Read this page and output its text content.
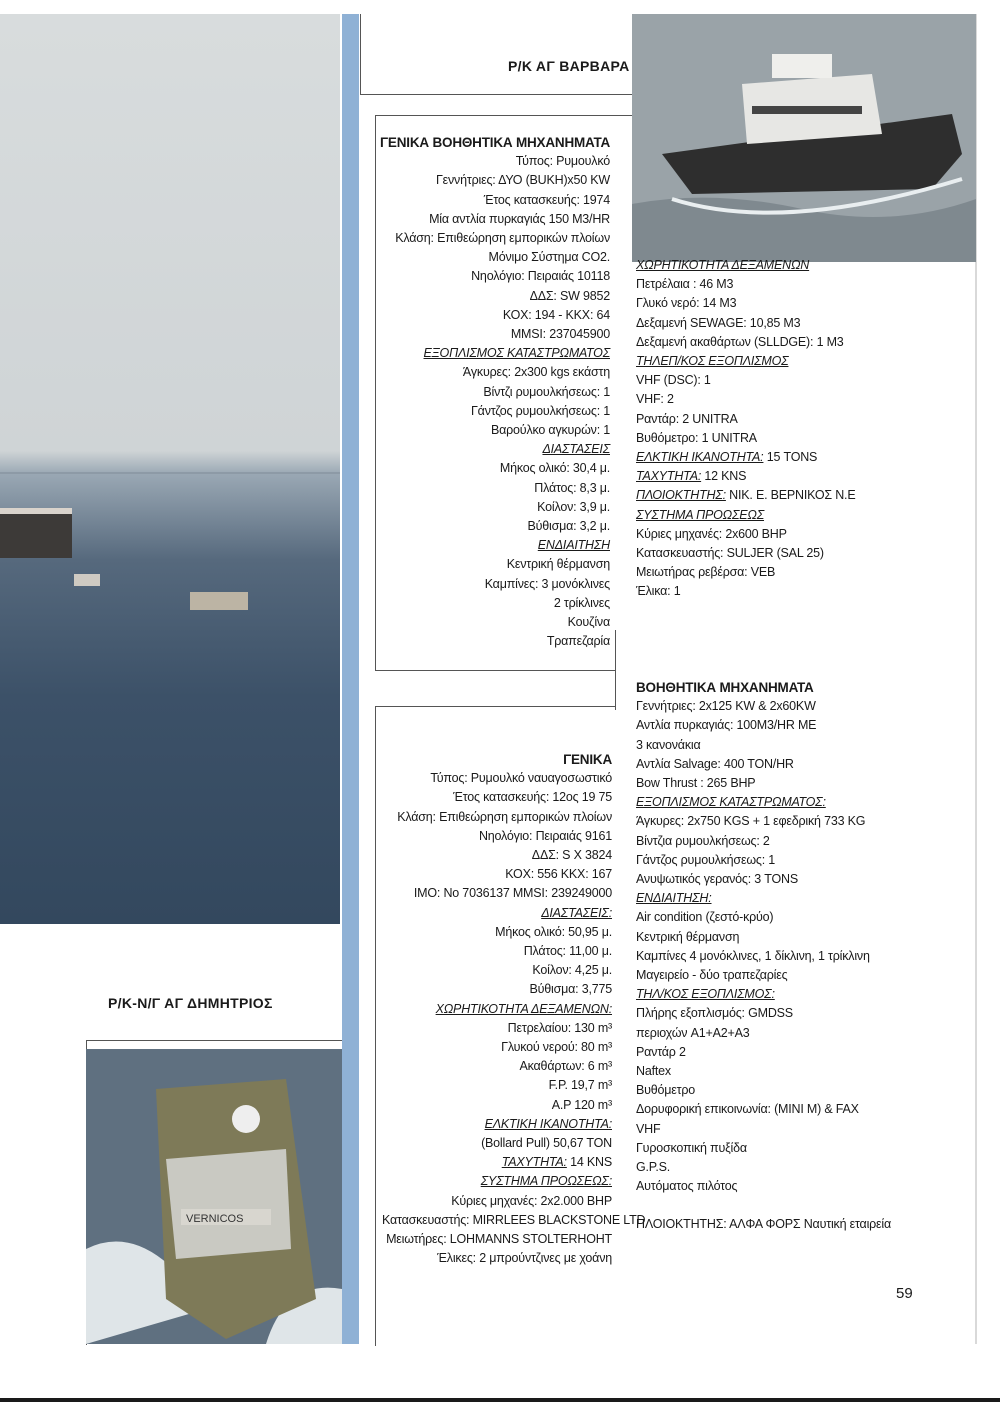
VERNICOS
Ρ/Κ ΑΓ ΒΑΡΒΑΡΑ
Ρ/Κ-Ν/Γ ΑΓ ΔΗΜΗΤΡΙΟΣ
59
ΓΕΝΙΚΑ ΒΟΗΘΗΤΙΚΑ ΜΗΧΑΝΗΜΑΤΑ
Τύπος: Ρυμουλκό
Γεννήτριες: ΔΥΟ (BUKH)x50 KW
Έτος κατασκευής: 1974
Μία αντλία πυρκαγιάς 150 M3/HR
Κλάση: Επιθεώρηση εμπορικών πλοίων
Μόνιμο Σύστημα CO2.
Νηολόγιο: Πειραιάς 10118
ΔΔΣ: SW 9852
ΚΟΧ: 194 - ΚΚΧ: 64
MMSI: 237045900
ΕΞΟΠΛΙΣΜΟΣ ΚΑΤΑΣΤΡΩΜΑΤΟΣ
Άγκυρες: 2x300 kgs εκάστη
Βίντζι ρυμουλκήσεως: 1
Γάντζος ρυμουλκήσεως: 1
Βαρούλκο αγκυρών: 1
ΔΙΑΣΤΑΣΕΙΣ
Μήκος ολικό: 30,4 μ.
Πλάτος: 8,3 μ.
Κοίλον: 3,9 μ.
Βύθισμα: 3,2 μ.
ΕΝΔΙΑΙΤΗΣΗ
Κεντρική θέρμανση
Καμπίνες: 3 μονόκλινες
2 τρίκλινες
Κουζίνα
Τραπεζαρία
ΧΩΡΗΤΙΚΟΤΗΤΑ ΔΕΞΑΜΕΝΩΝ
Πετρέλαια : 46 M3
Γλυκό νερό: 14 M3
Δεξαμενή SEWAGE: 10,85 M3
Δεξαμενή ακαθάρτων (SLLDGE): 1 M3
ΤΗΛΕΠ/ΚΟΣ ΕΞΟΠΛΙΣΜΟΣ
VHF (DSC): 1
VHF: 2
Ραντάρ: 2 UNITRA
Βυθόμετρο: 1 UNITRA
ΕΛΚΤΙΚΗ ΙΚΑΝΟΤΗΤΑ: 15 TONS
ΤΑΧΥΤΗΤΑ: 12 KNS
ΠΛΟΙΟΚΤΗΤΗΣ: ΝΙΚ. Ε. ΒΕΡΝΙΚΟΣ Ν.Ε
ΣΥΣΤΗΜΑ ΠΡΟΩΣΕΩΣ
Κύριες μηχανές: 2x600 BHP
Κατασκευαστής: SULJER (SAL 25)
Μειωτήρας ρεβέρσα: VEB
Έλικα: 1
ΓΕΝΙΚΑ
Τύπος: Ρυμουλκό ναυαγοσωστικό
Έτος κατασκευής: 12ος 19 75
Κλάση: Επιθεώρηση εμπορικών πλοίων
Νηολόγιο: Πειραιάς 9161
ΔΔΣ: S X 3824
ΚΟΧ: 556 ΚΚΧ: 167
IMO: No 7036137 MMSI: 239249000
ΔΙΑΣΤΑΣΕΙΣ:
Μήκος ολικό: 50,95 μ.
Πλάτος: 11,00 μ.
Κοίλον: 4,25 μ.
Βύθισμα: 3,775
ΧΩΡΗΤΙΚΟΤΗΤΑ ΔΕΞΑΜΕΝΩΝ:
Πετρελαίου: 130 m³
Γλυκού νερού: 80 m³
Ακαθάρτων: 6 m³
F.P. 19,7 m³
A.P 120 m³
ΕΛΚΤΙΚΗ ΙΚΑΝΟΤΗΤΑ:
(Bollard Pull) 50,67 TON
ΤΑΧΥΤΗΤΑ: 14 KNS
ΣΥΣΤΗΜΑ ΠΡΟΩΣΕΩΣ:
Κύριες μηχανές: 2x2.000 BHP
Κατασκευαστής: MIRRLEES BLACKSTONE LTD
Μειωτήρες: LOHMANNS STOLTERHOHT
Έλικες: 2 μπρούντζινες με χοάνη
ΒΟΗΘΗΤΙΚΑ ΜΗΧΑΝΗΜΑΤΑ
Γεννήτριες: 2x125 KW & 2x60KW
Αντλία πυρκαγιάς: 100M3/HR ΜΕ
3 κανονάκια
Αντλία Salvage: 400 TON/HR
Bow Thrust : 265 BHP
ΕΞΟΠΛΙΣΜΟΣ ΚΑΤΑΣΤΡΩΜΑΤΟΣ:
Άγκυρες: 2x750 KGS + 1 εφεδρική 733 KG
Βίντζια ρυμουλκήσεως: 2
Γάντζος ρυμουλκήσεως: 1
Ανυψωτικός γερανός: 3 TONS
ΕΝΔΙΑΙΤΗΣΗ:
Air condition (ζεστό-κρύο)
Κεντρική θέρμανση
Καμπίνες 4 μονόκλινες, 1 δίκλινη, 1 τρίκλινη
Μαγειρείο - δύο τραπεζαρίες
ΤΗΛ/ΚΟΣ ΕΞΟΠΛΙΣΜΟΣ:
Πλήρης εξοπλισμός: GMDSS
περιοχών A1+A2+A3
Ραντάρ 2
Naftex
Βυθόμετρο
Δορυφορική επικοινωνία: (MINI M) & FAX
VHF
Γυροσκοπική πυξίδα
G.P.S.
Αυτόματος πιλότος
ΠΛΟΙΟΚΤΗΤΗΣ: ΑΛΦΑ ΦΟΡΣ Ναυτική εταιρεία
